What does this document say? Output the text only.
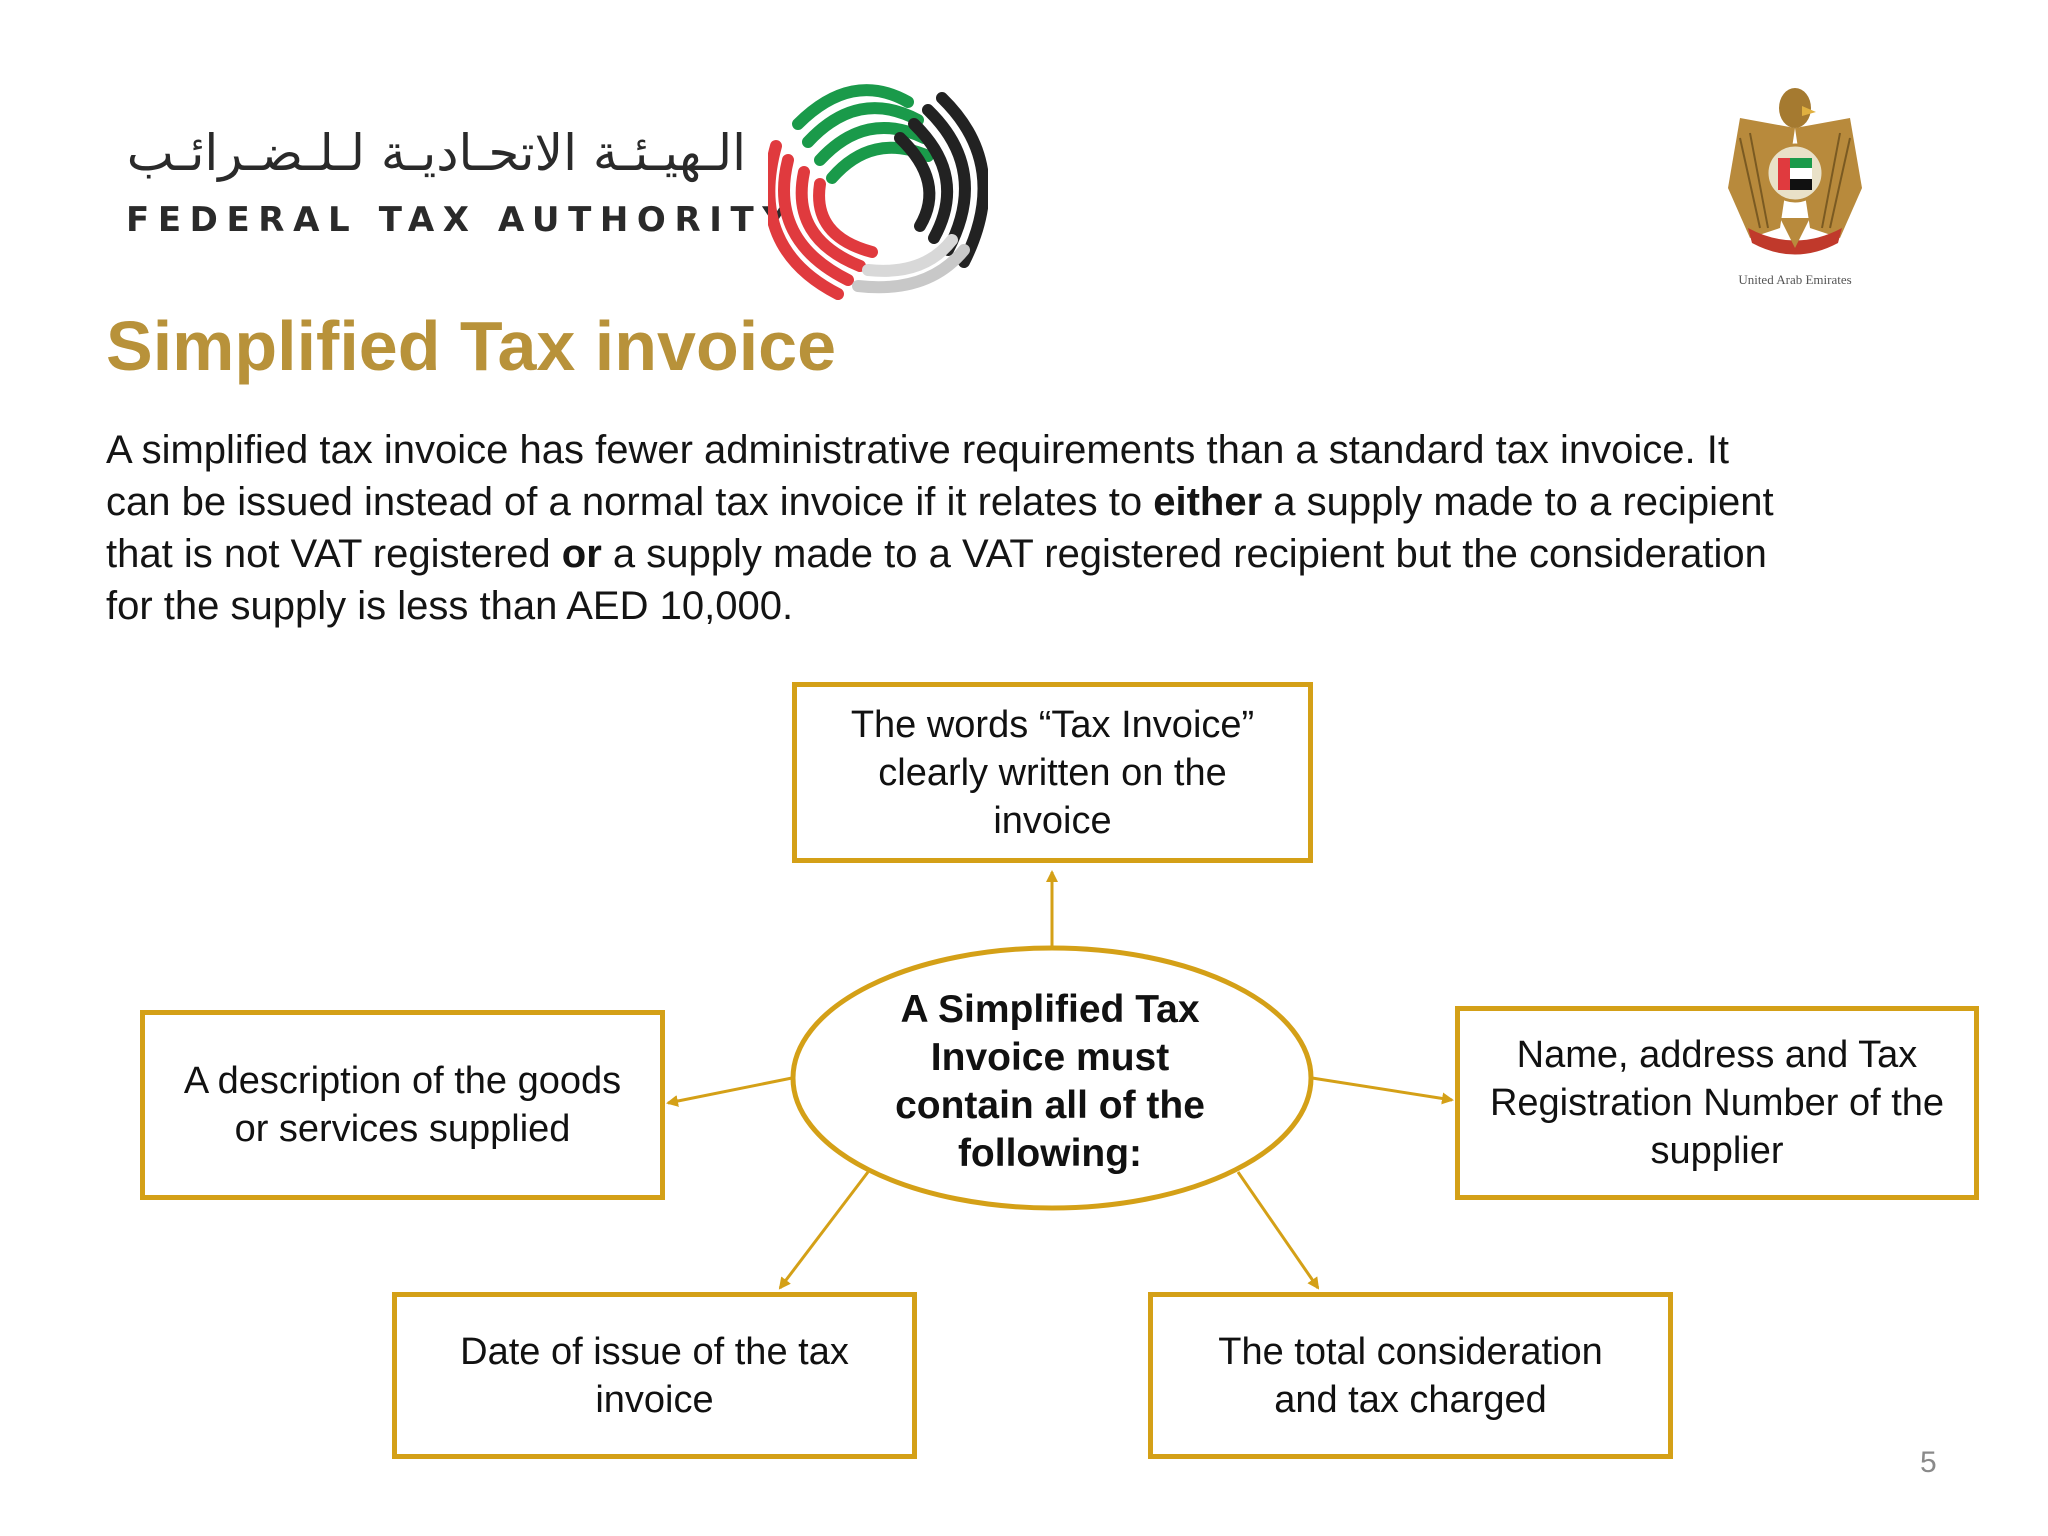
الـهيـئـة الاتحـاديـة لـلـضـرائـب
FEDERAL TAX AUTHORITY
United Arab Emirates
Simplified Tax invoice

A simplified tax invoice has fewer administrative requirements than a standard tax invoice. It

can be issued instead of a normal tax invoice if it relates to either a supply made to a recipient

that is not VAT registered or a supply made to a VAT registered recipient but the consideration

for the supply is less than AED 10,000.

A Simplified Tax
Invoice must
contain all of the
following:
The words “Tax Invoice”
clearly written on the
invoice
A description of the goods
or services supplied
Name, address and Tax
Registration Number of the
supplier
Date of issue of the tax
invoice
The total consideration
and tax charged
5
